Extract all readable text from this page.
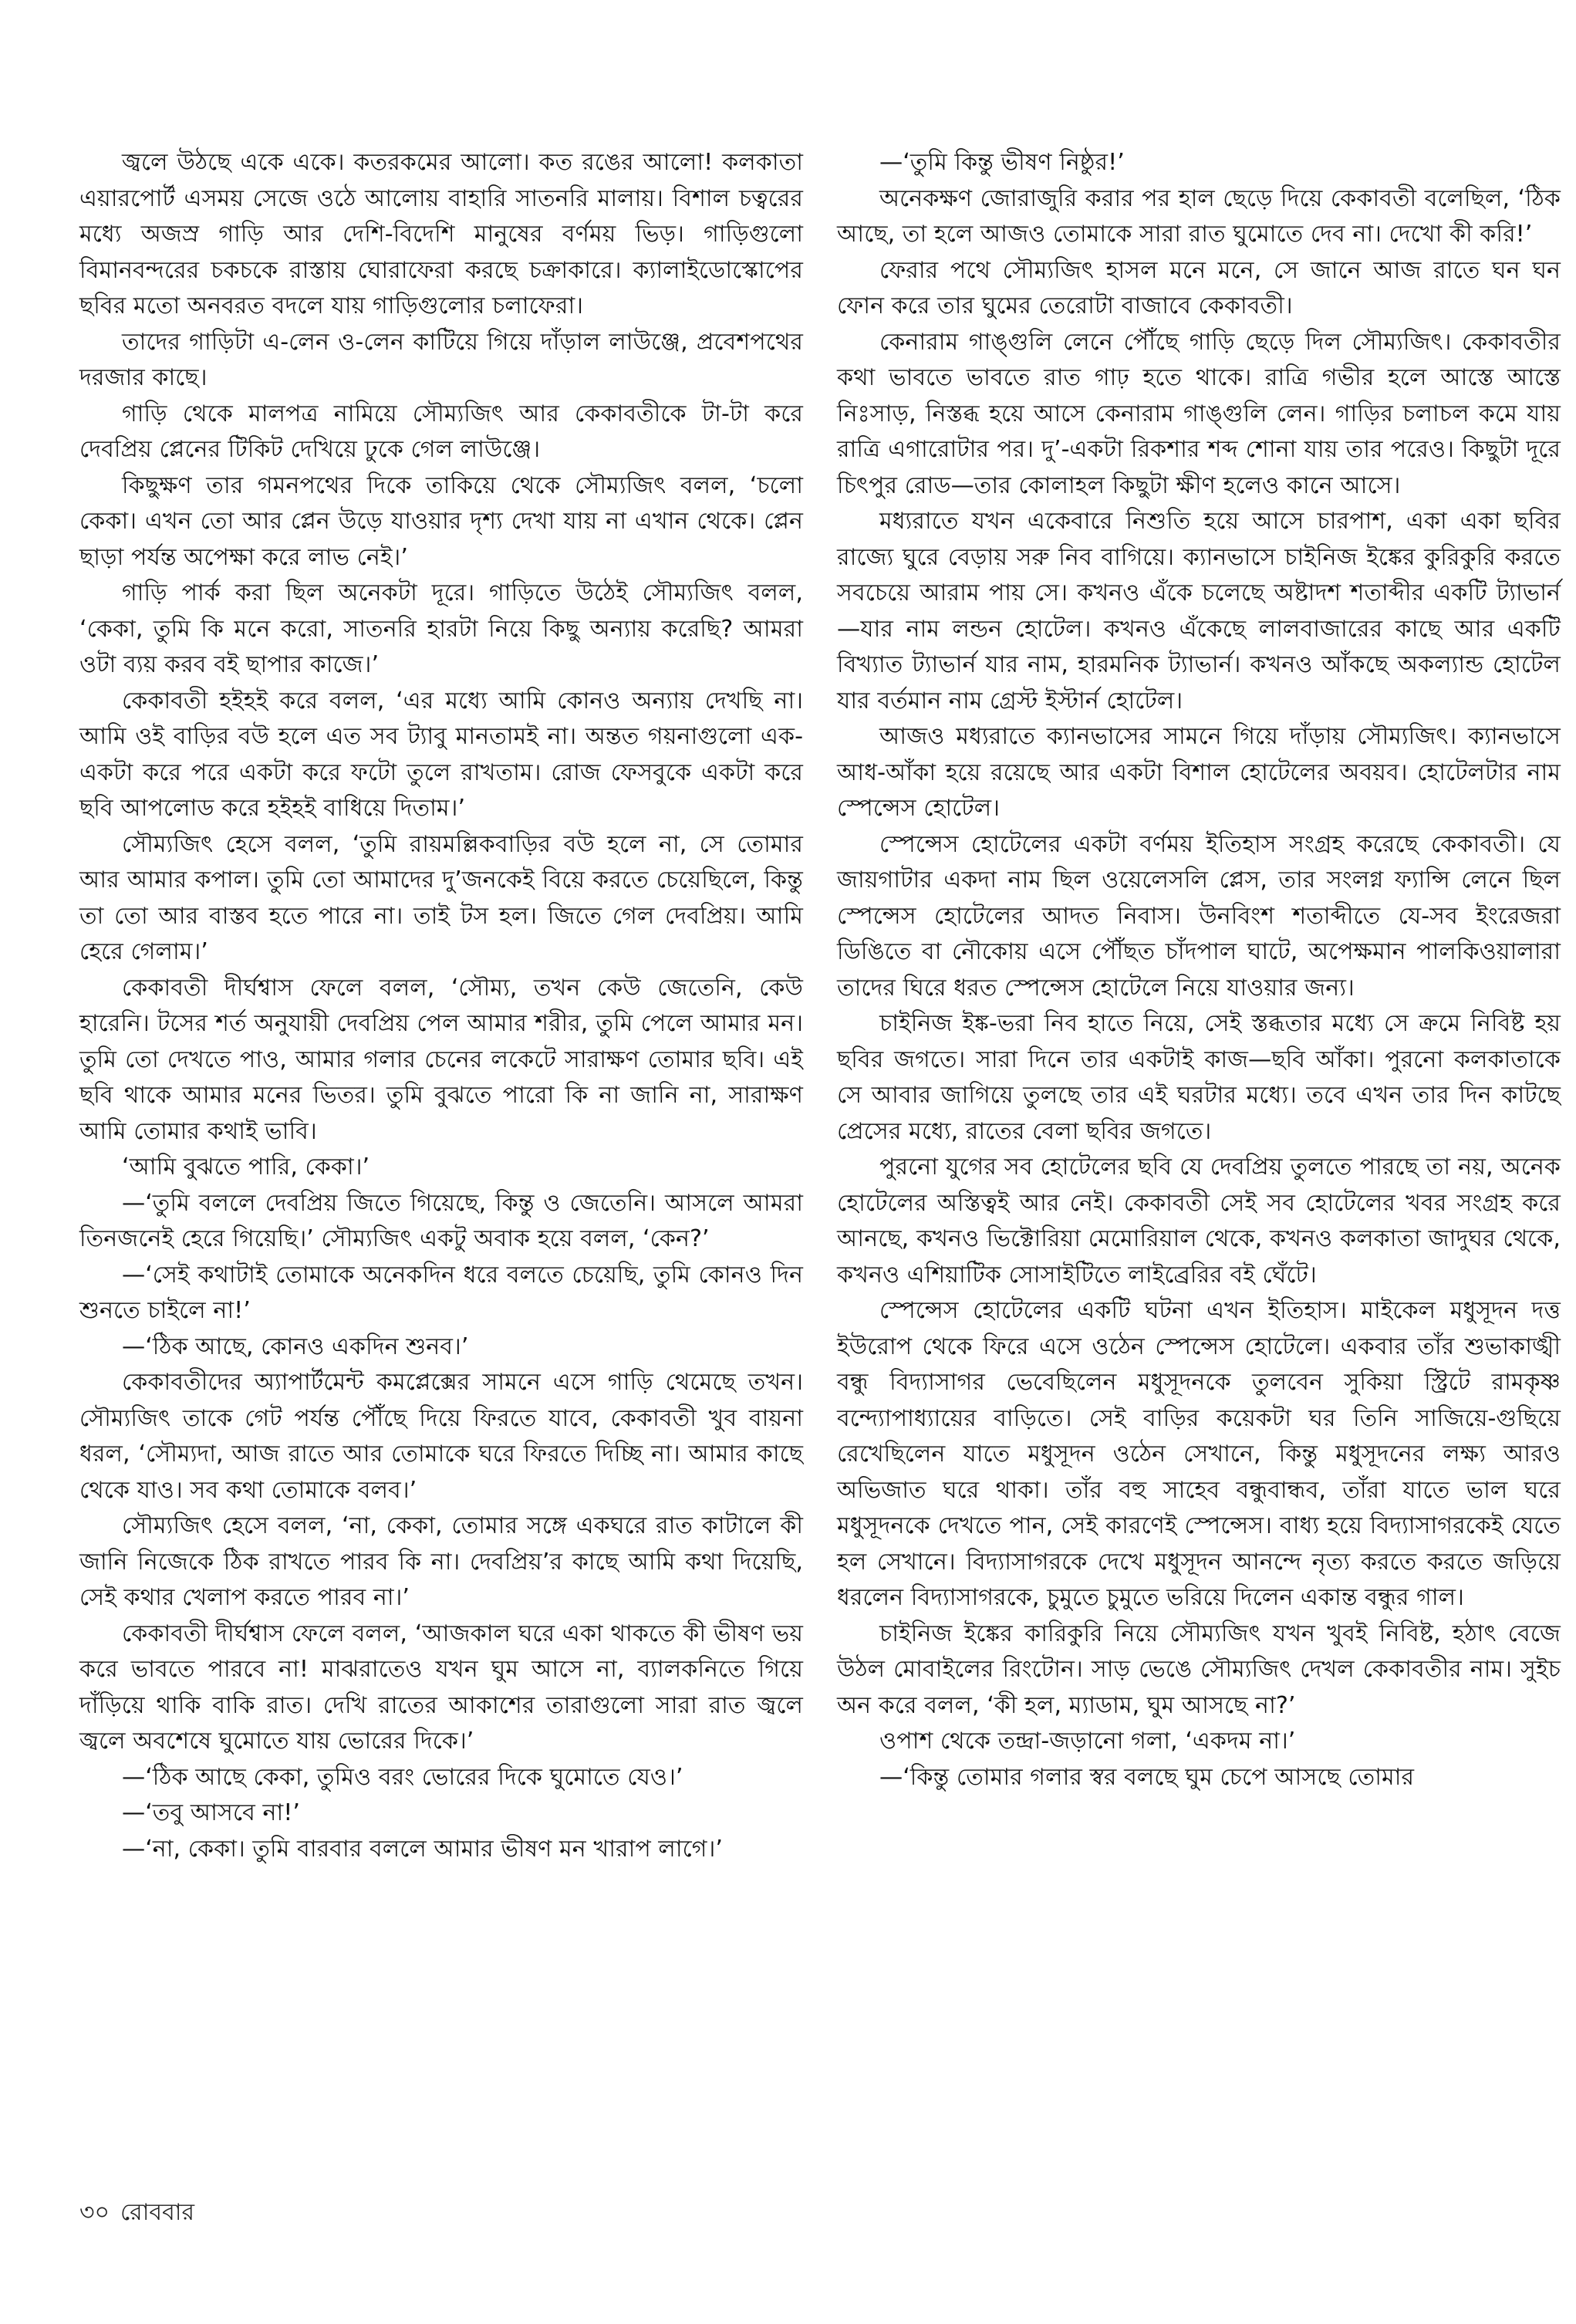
জ্বলে উঠছে একে একে। কতরকমের আলো। কত রঙের আলো! কলকাতা এয়ারপোর্ট এসময় সেজে ওঠে আলোয় বাহারি সাতনরি মালায়। বিশাল চত্বরের মধ্যে অজস্র গাড়ি আর দেশি-বিদেশি মানুষের বর্ণময় ভিড়। গাড়িগুলো বিমানবন্দরের চকচকে রাস্তায় ঘোরাফেরা করছে চক্রাকারে। ক্যালাইডোস্কোপের ছবির মতো অনবরত বদলে যায় গাড়িগুলোর চলাফেরা।

তাদের গাড়িটা এ-লেন ও-লেন কাটিয়ে গিয়ে দাঁড়াল লাউঞ্জে, প্রবেশপথের দরজার কাছে।

গাড়ি থেকে মালপত্র নামিয়ে সৌম্যজিৎ আর কেকাবতীকে টা-টা করে দেবপ্রিয় প্লেনের টিকিট দেখিয়ে ঢুকে গেল লাউঞ্জে।

কিছুক্ষণ তার গমনপথের দিকে তাকিয়ে থেকে সৌম্যজিৎ বলল, ‘চলো কেকা। এখন তো আর প্লেন উড়ে যাওয়ার দৃশ্য দেখা যায় না এখান থেকে। প্লেন ছাড়া পর্যন্ত অপেক্ষা করে লাভ নেই।’

গাড়ি পার্ক করা ছিল অনেকটা দূরে। গাড়িতে উঠেই সৌম্যজিৎ বলল, ‘কেকা, তুমি কি মনে করো, সাতনরি হারটা নিয়ে কিছু অন্যায় করেছি? আমরা ওটা ব্যয় করব বই ছাপার কাজে।’

কেকাবতী হইহই করে বলল, ‘এর মধ্যে আমি কোনও অন্যায় দেখছি না। আমি ওই বাড়ির বউ হলে এত সব ট্যাবু মানতামই না। অন্তত গয়নাগুলো এক-একটা করে পরে একটা করে ফটো তুলে রাখতাম। রোজ ফেসবুকে একটা করে ছবি আপলোড করে হইহই বাধিয়ে দিতাম।’

সৌম্যজিৎ হেসে বলল, ‘তুমি রায়মল্লিকবাড়ির বউ হলে না, সে তোমার আর আমার কপাল। তুমি তো আমাদের দু’জনকেই বিয়ে করতে চেয়েছিলে, কিন্তু তা তো আর বাস্তব হতে পারে না। তাই টস হল। জিতে গেল দেবপ্রিয়। আমি হেরে গেলাম।’

কেকাবতী দীর্ঘশ্বাস ফেলে বলল, ‘সৌম্য, তখন কেউ জেতেনি, কেউ হারেনি। টসের শর্ত অনুযায়ী দেবপ্রিয় পেল আমার শরীর, তুমি পেলে আমার মন। তুমি তো দেখতে পাও, আমার গলার চেনের লকেটে সারাক্ষণ তোমার ছবি। এই ছবি থাকে আমার মনের ভিতর। তুমি বুঝতে পারো কি না জানি না, সারাক্ষণ আমি তোমার কথাই ভাবি।

‘আমি বুঝতে পারি, কেকা।’

—‘তুমি বললে দেবপ্রিয় জিতে গিয়েছে, কিন্তু ও জেতেনি। আসলে আমরা তিনজনেই হেরে গিয়েছি।’ সৌম্যজিৎ একটু অবাক হয়ে বলল, ‘কেন?’

—‘সেই কথাটাই তোমাকে অনেকদিন ধরে বলতে চেয়েছি, তুমি কোনও দিন শুনতে চাইলে না!’

—‘ঠিক আছে, কোনও একদিন শুনব।’

কেকাবতীদের অ্যাপার্টমেন্ট কমপ্লেক্সের সামনে এসে গাড়ি থেমেছে তখন। সৌম্যজিৎ তাকে গেট পর্যন্ত পৌঁছে দিয়ে ফিরতে যাবে, কেকাবতী খুব বায়না ধরল, ‘সৌম্যদা, আজ রাতে আর তোমাকে ঘরে ফিরতে দিচ্ছি না। আমার কাছে থেকে যাও। সব কথা তোমাকে বলব।’

সৌম্যজিৎ হেসে বলল, ‘না, কেকা, তোমার সঙ্গে একঘরে রাত কাটালে কী জানি নিজেকে ঠিক রাখতে পারব কি না। দেবপ্রিয়’র কাছে আমি কথা দিয়েছি, সেই কথার খেলাপ করতে পারব না।’

কেকাবতী দীর্ঘশ্বাস ফেলে বলল, ‘আজকাল ঘরে একা থাকতে কী ভীষণ ভয় করে ভাবতে পারবে না! মাঝরাতেও যখন ঘুম আসে না, ব্যালকনিতে গিয়ে দাঁড়িয়ে থাকি বাকি রাত। দেখি রাতের আকাশের তারাগুলো সারা রাত জ্বলে জ্বলে অবশেষে ঘুমোতে যায় ভোরের দিকে।’

—‘ঠিক আছে কেকা, তুমিও বরং ভোরের দিকে ঘুমোতে যেও।’

—‘তবু আসবে না!’

—‘না, কেকা। তুমি বারবার বললে আমার ভীষণ মন খারাপ লাগে।’

—‘তুমি কিন্তু ভীষণ নিষ্ঠুর!’

অনেকক্ষণ জোরাজুরি করার পর হাল ছেড়ে দিয়ে কেকাবতী বলেছিল, ‘ঠিক আছে, তা হলে আজও তোমাকে সারা রাত ঘুমোতে দেব না। দেখো কী করি!’

ফেরার পথে সৌম্যজিৎ হাসল মনে মনে, সে জানে আজ রাতে ঘন ঘন ফোন করে তার ঘুমের তেরোটা বাজাবে কেকাবতী।

কেনারাম গাঙ্গুলি লেনে পৌঁছে গাড়ি ছেড়ে দিল সৌম্যজিৎ। কেকাবতীর কথা ভাবতে ভাবতে রাত গাঢ় হতে থাকে। রাত্রি গভীর হলে আস্তে আস্তে নিঃসাড়, নিস্তব্ধ হয়ে আসে কেনারাম গাঙ্গুলি লেন। গাড়ির চলাচল কমে যায় রাত্রি এগারোটার পর। দু’-একটা রিকশার শব্দ শোনা যায় তার পরেও। কিছুটা দূরে চিৎপুর রোড—তার কোলাহল কিছুটা ক্ষীণ হলেও কানে আসে।

মধ্যরাতে যখন একেবারে নিশুতি হয়ে আসে চারপাশ, একা একা ছবির রাজ্যে ঘুরে বেড়ায় সরু নিব বাগিয়ে। ক্যানভাসে চাইনিজ ইঙ্কের কুরিকুরি করতে সবচেয়ে আরাম পায় সে। কখনও এঁকে চলেছে অষ্টাদশ শতাব্দীর একটি ট্যাভার্ন—যার নাম লন্ডন হোটেল। কখনও এঁকেছে লালবাজারের কাছে আর একটি বিখ্যাত ট্যাভার্ন যার নাম, হারমনিক ট্যাভার্ন। কখনও আঁকছে অকল্যান্ড হোটেল যার বর্তমান নাম গ্রেস্ট ইস্টার্ন হোটেল।

আজও মধ্যরাতে ক্যানভাসের সামনে গিয়ে দাঁড়ায় সৌম্যজিৎ। ক্যানভাসে আধ-আঁকা হয়ে রয়েছে আর একটা বিশাল হোটেলের অবয়ব। হোটেলটার নাম স্পেন্সেস হোটেল।

স্পেন্সেস হোটেলের একটা বর্ণময় ইতিহাস সংগ্রহ করেছে কেকাবতী। যে জায়গাটার একদা নাম ছিল ওয়েলেসলি প্লেস, তার সংলগ্ন ফ্যান্সি লেনে ছিল স্পেন্সেস হোটেলের আদত নিবাস। উনবিংশ শতাব্দীতে যে-সব ইংরেজরা ডিঙিতে বা নৌকোয় এসে পৌঁছত চাঁদপাল ঘাটে, অপেক্ষমান পালকিওয়ালারা তাদের ঘিরে ধরত স্পেন্সেস হোটেলে নিয়ে যাওয়ার জন্য।

চাইনিজ ইঙ্ক-ভরা নিব হাতে নিয়ে, সেই স্তব্ধতার মধ্যে সে ক্রমে নিবিষ্ট হয় ছবির জগতে। সারা দিনে তার একটাই কাজ—ছবি আঁকা। পুরনো কলকাতাকে সে আবার জাগিয়ে তুলছে তার এই ঘরটার মধ্যে। তবে এখন তার দিন কাটছে প্রেসের মধ্যে, রাতের বেলা ছবির জগতে।

পুরনো যুগের সব হোটেলের ছবি যে দেবপ্রিয় তুলতে পারছে তা নয়, অনেক হোটেলের অস্তিত্বই আর নেই। কেকাবতী সেই সব হোটেলের খবর সংগ্রহ করে আনছে, কখনও ভিক্টোরিয়া মেমোরিয়াল থেকে, কখনও কলকাতা জাদুঘর থেকে, কখনও এশিয়াটিক সোসাইটিতে লাইব্রেরির বই ঘেঁটে।

স্পেন্সেস হোটেলের একটি ঘটনা এখন ইতিহাস। মাইকেল মধুসূদন দত্ত ইউরোপ থেকে ফিরে এসে ওঠেন স্পেন্সেস হোটেলে। একবার তাঁর শুভাকাঙ্খী বন্ধু বিদ্যাসাগর ভেবেছিলেন মধুসূদনকে তুলবেন সুকিয়া স্ট্রিটে রামকৃষ্ণ বন্দ্যোপাধ্যায়ের বাড়িতে। সেই বাড়ির কয়েকটা ঘর তিনি সাজিয়ে-গুছিয়ে রেখেছিলেন যাতে মধুসূদন ওঠেন সেখানে, কিন্তু মধুসূদনের লক্ষ্য আরও অভিজাত ঘরে থাকা। তাঁর বহু সাহেব বন্ধুবান্ধব, তাঁরা যাতে ভাল ঘরে মধুসূদনকে দেখতে পান, সেই কারণেই স্পেন্সেস। বাধ্য হয়ে বিদ্যাসাগরকেই যেতে হল সেখানে। বিদ্যাসাগরকে দেখে মধুসূদন আনন্দে নৃত্য করতে করতে জড়িয়ে ধরলেন বিদ্যাসাগরকে, চুমুতে চুমুতে ভরিয়ে দিলেন একান্ত বন্ধুর গাল।

চাইনিজ ইঙ্কের কারিকুরি নিয়ে সৌম্যজিৎ যখন খুবই নিবিষ্ট, হঠাৎ বেজে উঠল মোবাইলের রিংটোন। সাড় ভেঙে সৌম্যজিৎ দেখল কেকাবতীর নাম। সুইচ অন করে বলল, ‘কী হল, ম্যাডাম, ঘুম আসছে না?’

ওপাশ থেকে তন্দ্রা-জড়ানো গলা, ‘একদম না।’

—‘কিন্তু তোমার গলার স্বর বলছে ঘুম চেপে আসছে তোমার

৩০ রোববার
